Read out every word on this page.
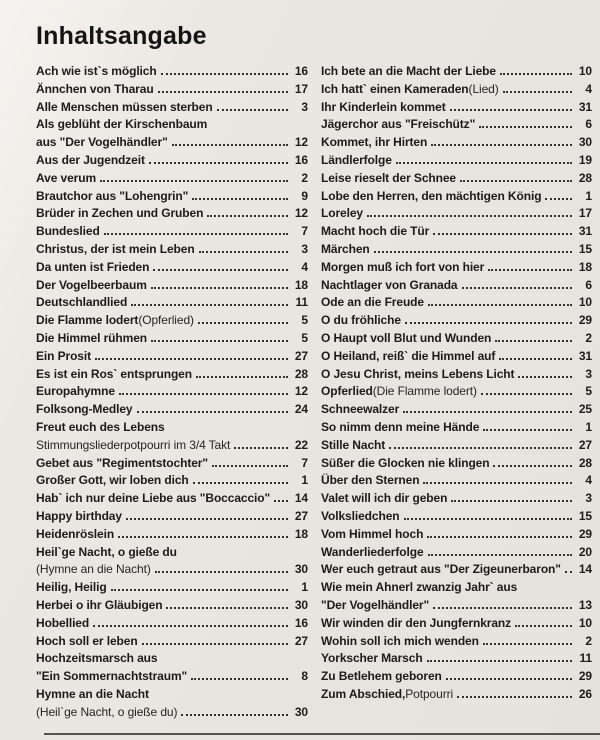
Inhaltsangabe
Ach wie ist`s möglich	16
Ännchen von Tharau	17
Alle Menschen müssen sterben	3
Als geblüht der Kirschenbaum
aus "Der Vogelhändler"	12
Aus der Jugendzeit	16
Ave verum	2
Brautchor aus "Lohengrin"	9
Brüder in Zechen und Gruben	12
Bundeslied	7
Christus, der ist mein Leben	3
Da unten ist Frieden	4
Der Vogelbeerbaum	18
Deutschlandlied	11
Die Flamme lodert (Opferlied)	5
Die Himmel rühmen	5
Ein Prosit	27
Es ist ein Ros` entsprungen	28
Europahymne	12
Folksong-Medley	24
Freut euch des Lebens
Stimmungsliederpotpourri im 3/4 Takt	22
Gebet aus "Regimentstochter"	7
Großer Gott, wir loben dich	1
Hab` ich nur deine Liebe aus "Boccaccio"	14
Happy birthday	27
Heidenröslein	18
Heil`ge Nacht, o gieße du
(Hymne an die Nacht)	30
Heilig, Heilig	1
Herbei o ihr Gläubigen	30
Hobellied	16
Hoch soll er leben	27
Hochzeitsmarsch aus
"Ein Sommernachtstraum"	8
Hymne an die Nacht
(Heil`ge Nacht, o gieße du)	30
Ich bete an die Macht der Liebe	10
Ich hatt` einen Kameraden (Lied)	4
Ihr Kinderlein kommet	31
Jägerchor aus "Freischütz"	6
Kommet, ihr Hirten	30
Ländlerfolge	19
Leise rieselt der Schnee	28
Lobe den Herren, den mächtigen König	1
Loreley	17
Macht hoch die Tür	31
Märchen	15
Morgen muß ich fort von hier	18
Nachtlager von Granada	6
Ode an die Freude	10
O du fröhliche	29
O Haupt voll Blut und Wunden	2
O Heiland, reiß` die Himmel auf	31
O Jesu Christ, meins Lebens Licht	3
Opferlied (Die Flamme lodert)	5
Schneewalzer	25
So nimm denn meine Hände	1
Stille Nacht	27
Süßer die Glocken nie klingen	28
Über den Sternen	4
Valet will ich dir geben	3
Volksliedchen	15
Vom Himmel hoch	29
Wanderliederfolge	20
Wer euch getraut aus "Der Zigeunerbaron"	14
Wie mein Ahnerl zwanzig Jahr` aus
"Der Vogelhändler"	13
Wir winden dir den Jungfernkranz	10
Wohin soll ich mich wenden	2
Yorkscher Marsch	11
Zu Betlehem geboren	29
Zum Abschied, Potpourri	26
